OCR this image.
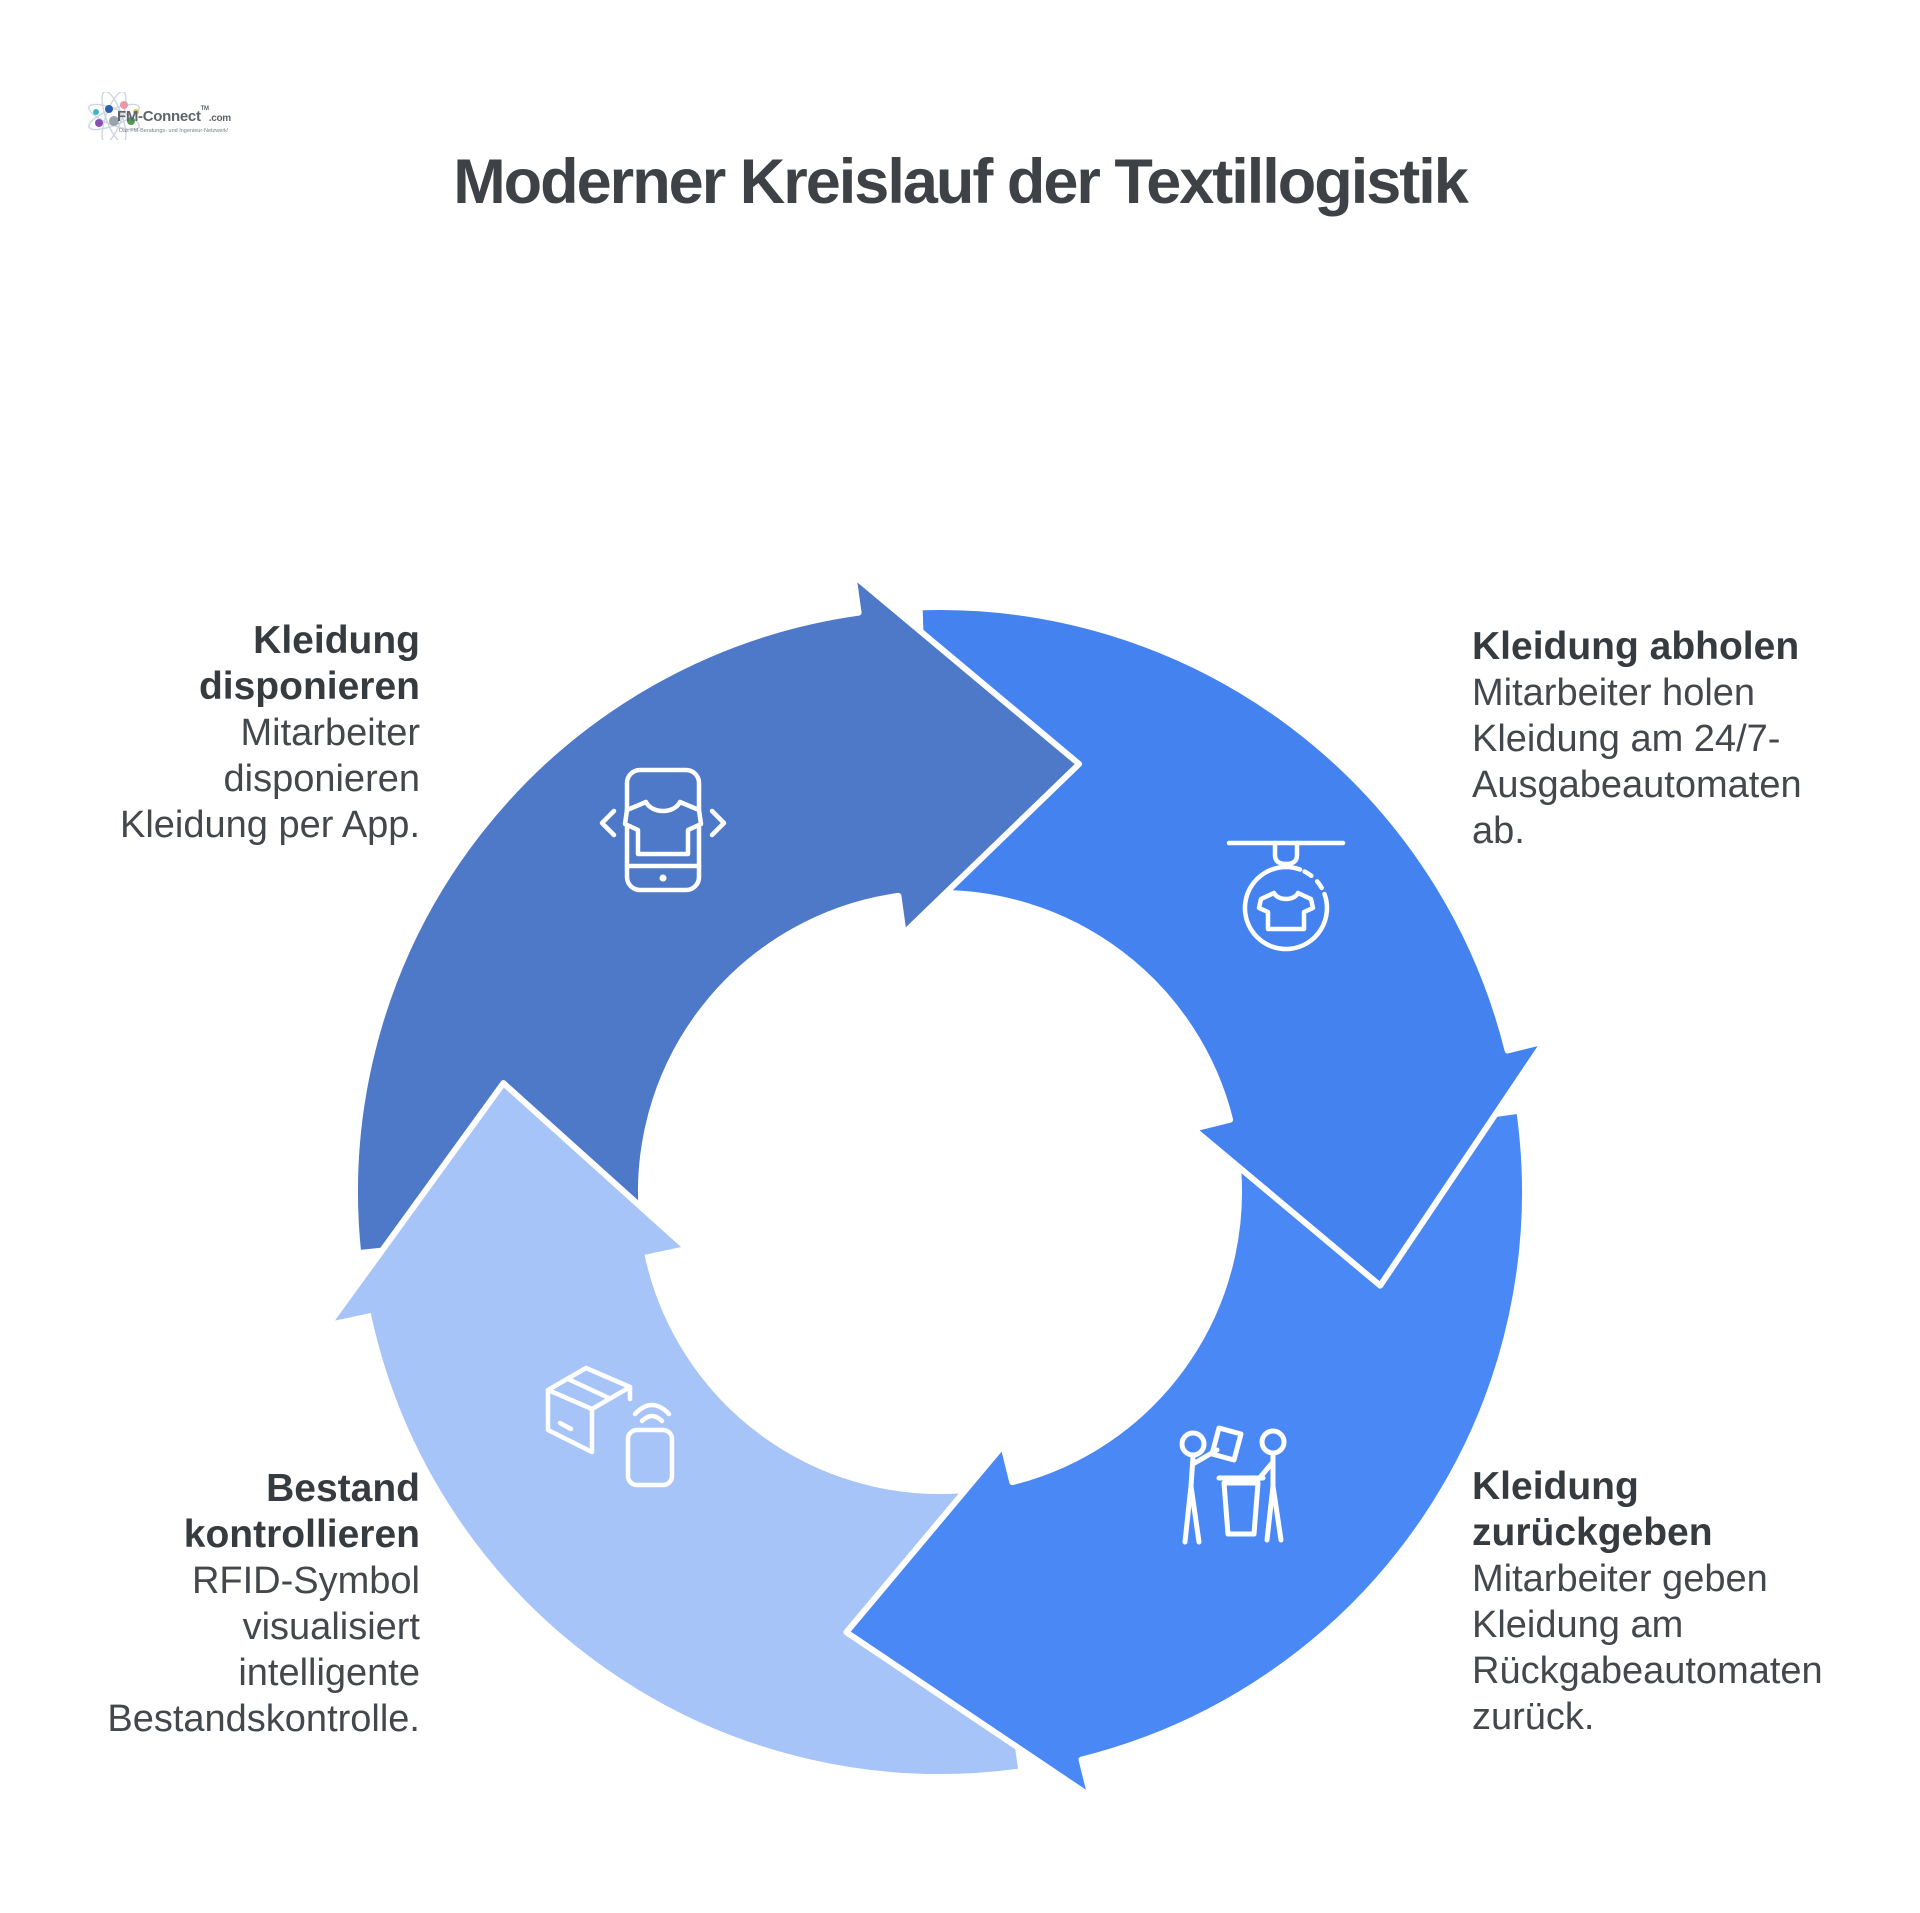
FM-Connect™.com
Das FM-Beratungs- und Ingenieur-Netzwerk!
Moderner Kreislauf der Textillogistik
Kleidung disponieren
Mitarbeiter disponieren Kleidung per App.
Kleidung abholen
Mitarbeiter holen Kleidung am 24/7-Ausgabeautomaten ab.
Kleidung zurückgeben
Mitarbeiter geben Kleidung am Rückgabeautomaten zurück.
Bestand kontrollieren
RFID-Symbol visualisiert intelligente Bestandskontrolle.
